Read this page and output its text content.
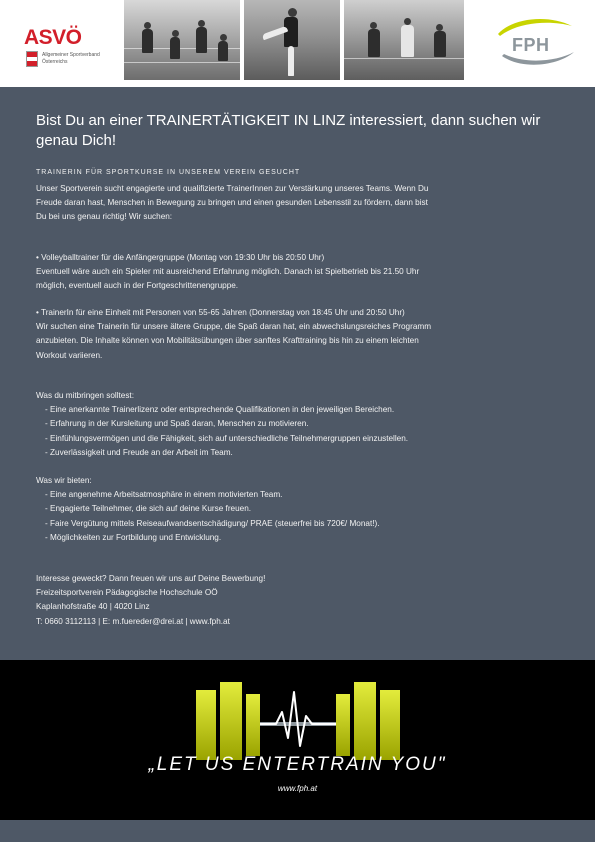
ASVÖ
Allgemeiner Sportverband
Österreichs
FPH
Bist Du an einer TRAINERTÄTIGKEIT IN LINZ interessiert, dann suchen wir genau Dich!
TRAINERIN FÜR SPORTKURSE IN UNSEREM VEREIN GESUCHT
Unser Sportverein sucht engagierte und qualifizierte TrainerInnen zur Verstärkung unseres Teams. Wenn Du
Freude daran hast, Menschen in Bewegung zu bringen und einen gesunden Lebensstil zu fördern, dann bist
Du bei uns genau richtig! Wir suchen:
• Volleyballtrainer für die Anfängergruppe (Montag von 19:30 Uhr bis 20:50 Uhr)
Eventuell wäre auch ein Spieler mit ausreichend Erfahrung möglich. Danach ist Spielbetrieb bis 21.50 Uhr
möglich, eventuell auch in der Fortgeschrittenengruppe.
• TrainerIn für eine Einheit mit Personen von 55-65 Jahren (Donnerstag von 18:45 Uhr und 20:50 Uhr)
Wir suchen eine Trainerin für unsere ältere Gruppe, die Spaß daran hat, ein abwechslungsreiches Programm
anzubieten. Die Inhalte können von Mobilitätsübungen über sanftes Krafttraining bis hin zu einem leichten
Workout variieren.
Was du mitbringen solltest:
- Eine anerkannte Trainerlizenz oder entsprechende Qualifikationen in den jeweiligen Bereichen.
- Erfahrung in der Kursleitung und Spaß daran, Menschen zu motivieren.
- Einfühlungsvermögen und die Fähigkeit, sich auf unterschiedliche Teilnehmergruppen einzustellen.
- Zuverlässigkeit und Freude an der Arbeit im Team.
Was wir bieten:
- Eine angenehme Arbeitsatmosphäre in einem motivierten Team.
- Engagierte Teilnehmer, die sich auf deine Kurse freuen.
- Faire Vergütung mittels Reiseaufwandsentschädigung/ PRAE (steuerfrei bis 720€/ Monat!).
- Möglichkeiten zur Fortbildung und Entwicklung.
Interesse geweckt? Dann freuen wir uns auf Deine Bewerbung!
Freizeitsportverein Pädagogische Hochschule OÖ
Kaplanhofstraße 40 | 4020 Linz
T: 0660 3112113 | E: m.fuereder@drei.at | www.fph.at
„LET US ENTERTRAIN YOU"
www.fph.at
